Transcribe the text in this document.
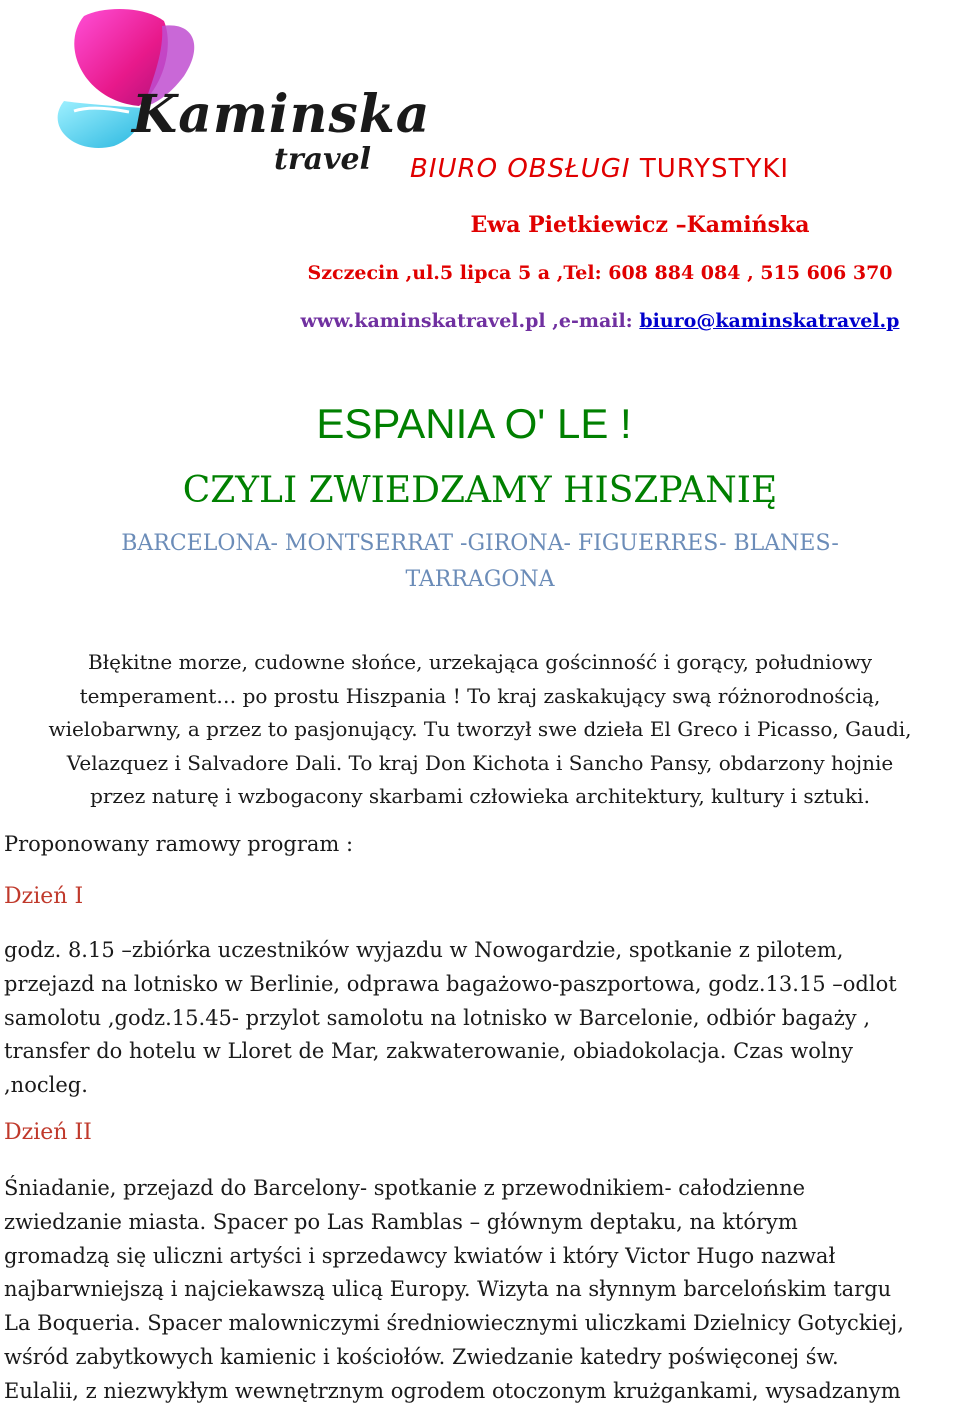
Kaminska
travel BIURO OBSŁUGI TURYSTYKI
Ewa Pietkiewicz –Kamińska
Szczecin ,ul.5 lipca 5 a ,Tel: 608 884 084 , 515 606 370
www.kaminskatravel.pl ,e-mail: biuro@kaminskatravel.p
ESPANIA O' LE !
CZYLI ZWIEDZAMY HISZPANIĘ
BARCELONA- MONTSERRAT -GIRONA- FIGUERRES- BLANES- TARRAGONA
Błękitne morze, cudowne słońce, urzekająca gościnność i gorący, południowy
temperament… po prostu Hiszpania ! To kraj zaskakujący swą różnorodnością,
wielobarwny, a przez to pasjonujący. Tu tworzył swe dzieła El Greco i Picasso, Gaudi,
Velazquez i Salvadore Dali. To kraj Don Kichota i Sancho Pansy, obdarzony hojnie
przez naturę i wzbogacony skarbami człowieka architektury, kultury i sztuki.
Proponowany ramowy program :
Dzień I
godz. 8.15 –zbiórka uczestników wyjazdu w Nowogardzie, spotkanie z pilotem,
przejazd na lotnisko w Berlinie, odprawa bagażowo-paszportowa, godz.13.15 –odlot
samolotu ,godz.15.45- przylot samolotu na lotnisko w Barcelonie, odbiór bagaży ,
transfer do hotelu w Lloret de Mar, zakwaterowanie, obiadokolacja. Czas wolny
,nocleg.
Dzień II
Śniadanie, przejazd do Barcelony- spotkanie z przewodnikiem- całodzienne
zwiedzanie miasta. Spacer po Las Ramblas – głównym deptaku, na którym
gromadzą się uliczni artyści i sprzedawcy kwiatów i który Victor Hugo nazwał
najbarwniejszą i najciekawszą ulicą Europy. Wizyta na słynnym barcelońskim targu
La Boqueria. Spacer malowniczymi średniowiecznymi uliczkami Dzielnicy Gotyckiej,
wśród zabytkowych kamienic i kościołów. Zwiedzanie katedry poświęconej św.
Eulalii, z niezwykłym wewnętrznym ogrodem otoczonym krużgankami, wysadzanym
